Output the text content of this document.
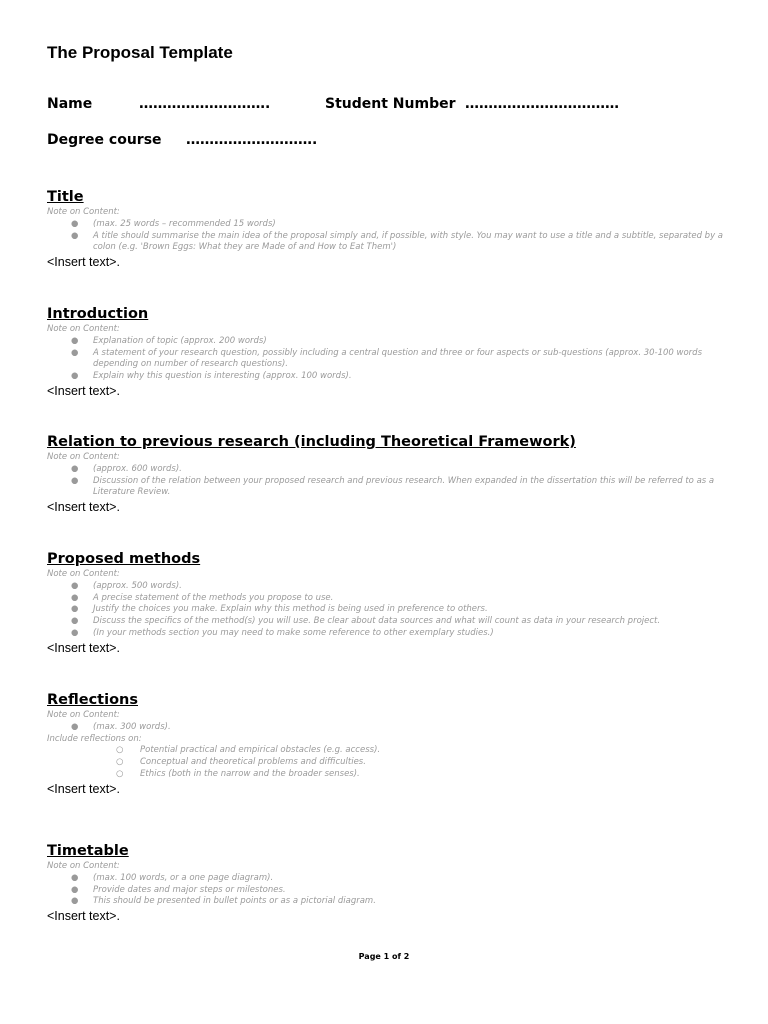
The Proposal Template
Name	……………………….	Student Number ……………………………
Degree course ……………………….
Title

Note on Content:

● (max. 25 words – recommended 15 words)
● A title should summarise the main idea of the proposal simply and, if possible, with style. You may want to use a title and a subtitle, separated by a colon (e.g. 'Brown Eggs: What they are Made of and How to Eat Them')

<Insert text>.

Introduction

Note on Content:

● Explanation of topic (approx. 200 words)
● A statement of your research question, possibly including a central question and three or four aspects or sub-questions (approx. 30-100 words depending on number of research questions).
● Explain why this question is interesting (approx. 100 words).

<Insert text>.

Relation to previous research (including Theoretical Framework)

Note on Content:

● (approx. 600 words).
● Discussion of the relation between your proposed research and previous research. When expanded in the dissertation this will be referred to as a Literature Review.

<Insert text>.

Proposed methods

Note on Content:

● (approx. 500 words).
● A precise statement of the methods you propose to use.
● Justify the choices you make. Explain why this method is being used in preference to others.
● Discuss the specifics of the method(s) you will use. Be clear about data sources and what will count as data in your research project.
● (In your methods section you may need to make some reference to other exemplary studies.)

<Insert text>.

Reflections

Note on Content:

● (max. 300 words).

Include reflections on:

○ Potential practical and empirical obstacles (e.g. access).
○ Conceptual and theoretical problems and difficulties.
○ Ethics (both in the narrow and the broader senses).

<Insert text>.

Timetable

Note on Content:

● (max. 100 words, or a one page diagram).
● Provide dates and major steps or milestones.
● This should be presented in bullet points or as a pictorial diagram.

<Insert text>.

Page 1 of 2
